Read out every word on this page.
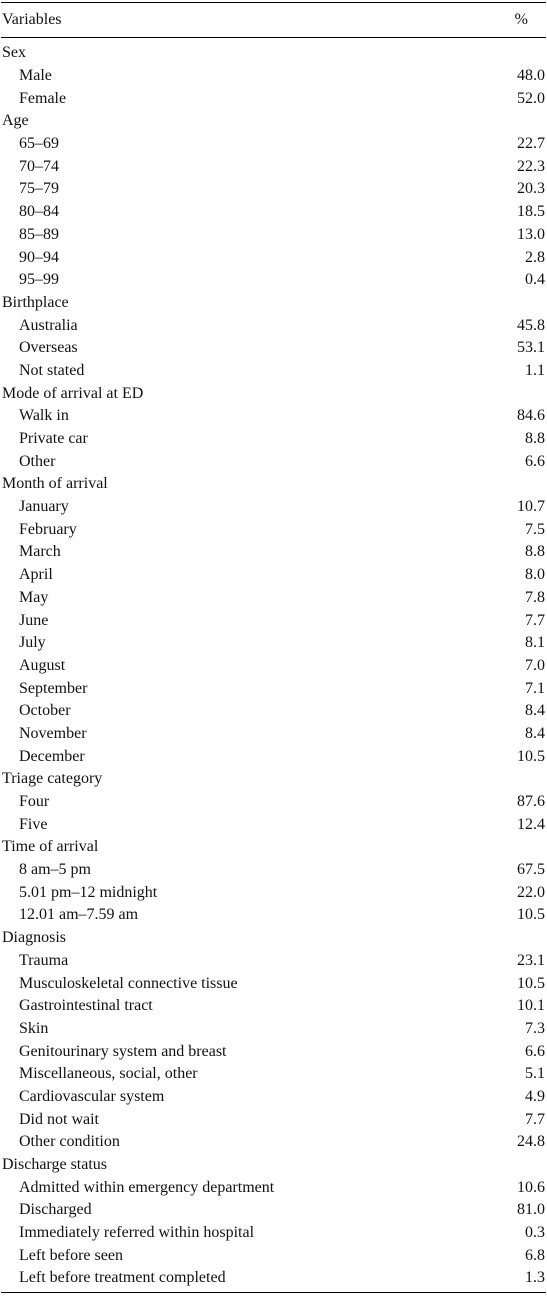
Variables	%
Sex
Male	48.0
Female	52.0
Age
65–69	22.7
70–74	22.3
75–79	20.3
80–84	18.5
85–89	13.0
90–94	2.8
95–99	0.4
Birthplace
Australia	45.8
Overseas	53.1
Not stated	1.1
Mode of arrival at ED
Walk in	84.6
Private car	8.8
Other	6.6
Month of arrival
January	10.7
February	7.5
March	8.8
April	8.0
May	7.8
June	7.7
July	8.1
August	7.0
September	7.1
October	8.4
November	8.4
December	10.5
Triage category
Four	87.6
Five	12.4
Time of arrival
8 am–5 pm	67.5
5.01 pm–12 midnight	22.0
12.01 am–7.59 am	10.5
Diagnosis
Trauma	23.1
Musculoskeletal connective tissue	10.5
Gastrointestinal tract	10.1
Skin	7.3
Genitourinary system and breast	6.6
Miscellaneous, social, other	5.1
Cardiovascular system	4.9
Did not wait	7.7
Other condition	24.8
Discharge status
Admitted within emergency department	10.6
Discharged	81.0
Immediately referred within hospital	0.3
Left before seen	6.8
Left before treatment completed	1.3
